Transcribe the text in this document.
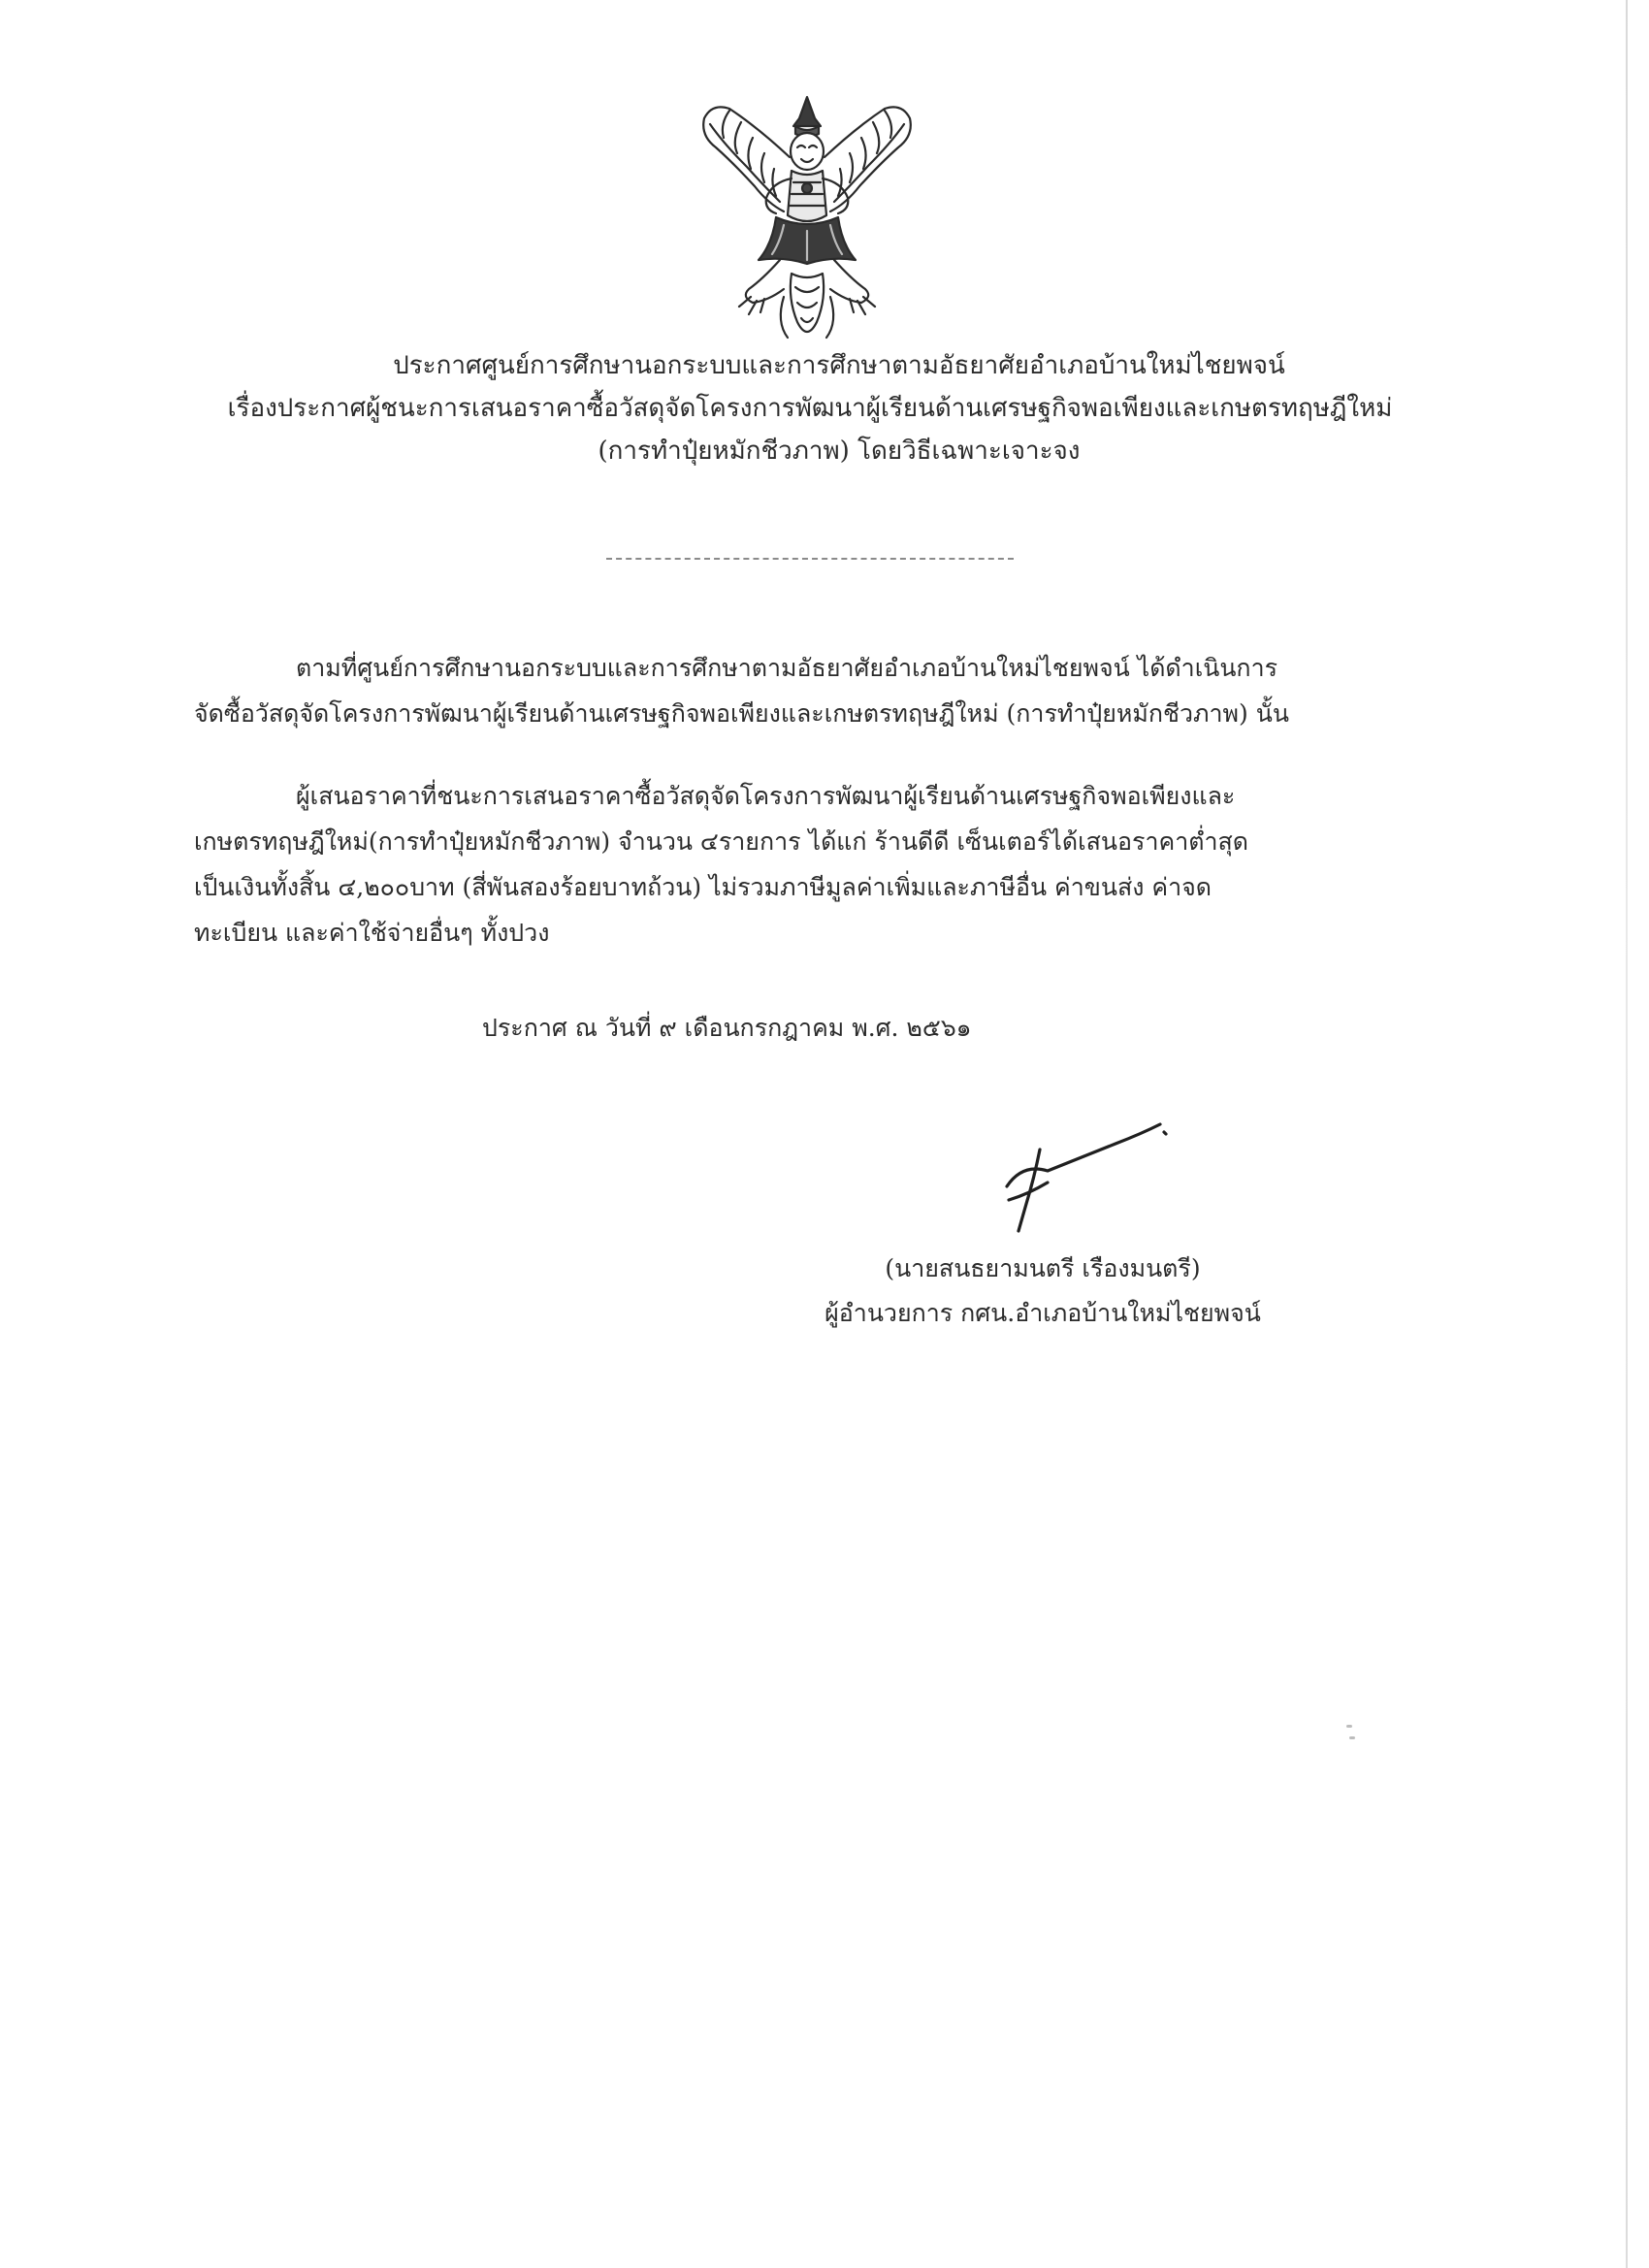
ประกาศศูนย์การศึกษานอกระบบและการศึกษาตามอัธยาศัยอำเภอบ้านใหม่ไชยพจน์
เรื่องประกาศผู้ชนะการเสนอราคาซื้อวัสดุจัดโครงการพัฒนาผู้เรียนด้านเศรษฐกิจพอเพียงและเกษตรทฤษฎีใหม่
(การทำปุ๋ยหมักชีวภาพ) โดยวิธีเฉพาะเจาะจง
ตามที่ศูนย์การศึกษานอกระบบและการศึกษาตามอัธยาศัยอำเภอบ้านใหม่ไชยพจน์ ได้ดำเนินการ
จัดซื้อวัสดุจัดโครงการพัฒนาผู้เรียนด้านเศรษฐกิจพอเพียงและเกษตรทฤษฎีใหม่ (การทำปุ๋ยหมักชีวภาพ) นั้น
ผู้เสนอราคาที่ชนะการเสนอราคาซื้อวัสดุจัดโครงการพัฒนาผู้เรียนด้านเศรษฐกิจพอเพียงและ
เกษตรทฤษฎีใหม่(การทำปุ๋ยหมักชีวภาพ) จำนวน ๔รายการ ได้แก่ ร้านดีดี เซ็นเตอร์ได้เสนอราคาต่ำสุด
เป็นเงินทั้งสิ้น ๔,๒๐๐บาท (สี่พันสองร้อยบาทถ้วน) ไม่รวมภาษีมูลค่าเพิ่มและภาษีอื่น ค่าขนส่ง ค่าจด
ทะเบียน และค่าใช้จ่ายอื่นๆ ทั้งปวง
ประกาศ ณ วันที่ ๙ เดือนกรกฎาคม พ.ศ. ๒๕๖๑
(นายสนธยามนตรี เรืองมนตรี)
ผู้อำนวยการ กศน.อำเภอบ้านใหม่ไชยพจน์
